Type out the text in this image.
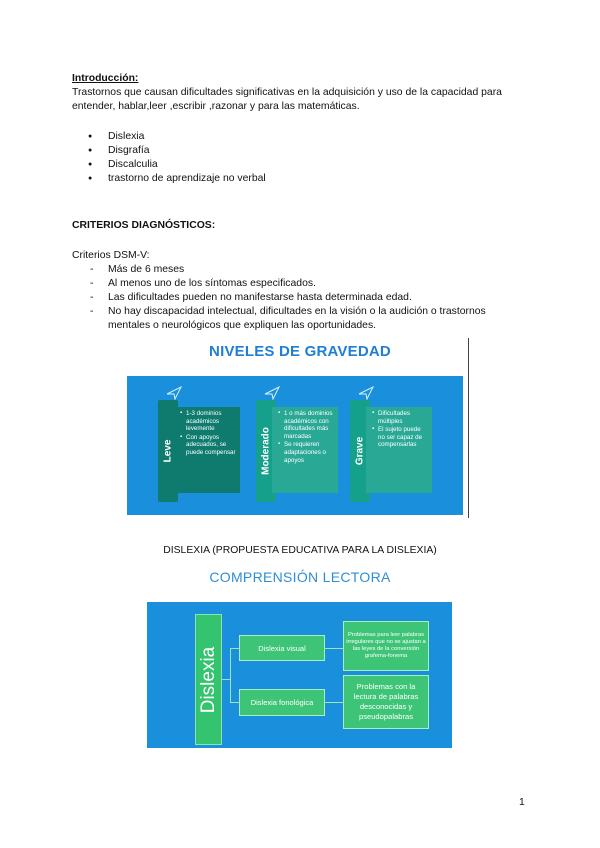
Introducción:
Trastornos que causan dificultades significativas en la adquisición y uso de la capacidad para entender, hablar,leer ,escribir ,razonar y para las matemáticas.
● Dislexia
● Disgrafía
● Discalculia
● trastorno de aprendizaje no verbal
CRITERIOS DIAGNÓSTICOS:
Criterios DSM-V:
- Más de 6 meses
- Al menos uno de los síntomas especificados.
- Las dificultades pueden no manifestarse hasta determinada edad.
- No hay discapacidad intelectual, dificultades en la visión o la audición o trastornos mentales o neurológicos que expliquen las oportunidades.
NIVELES DE GRAVEDAD
Leve
▪ 1-3 dominios académicos levemente
▪ Con apoyos adecuados, se puede compensar Moderado
▪ 1 o más dominios académicos con dificultades más marcadas
▪ Se requieren adaptaciones o apoyos	Grave
▪ Dificultades múltiples
▪ El sujeto puede no ser capaz de compensarlas
DISLEXIA (PROPUESTA EDUCATIVA PARA LA DISLEXIA)
COMPRENSIÓN LECTORA
Dislexia	Dislexia visual
Problemas para leer palabras irregulares que no se ajustan a las leyes de la conversión grafema-fonema
Dislexia fonológica
Problemas con la lectura de palabras desconocidas y pseudopalabras
1
